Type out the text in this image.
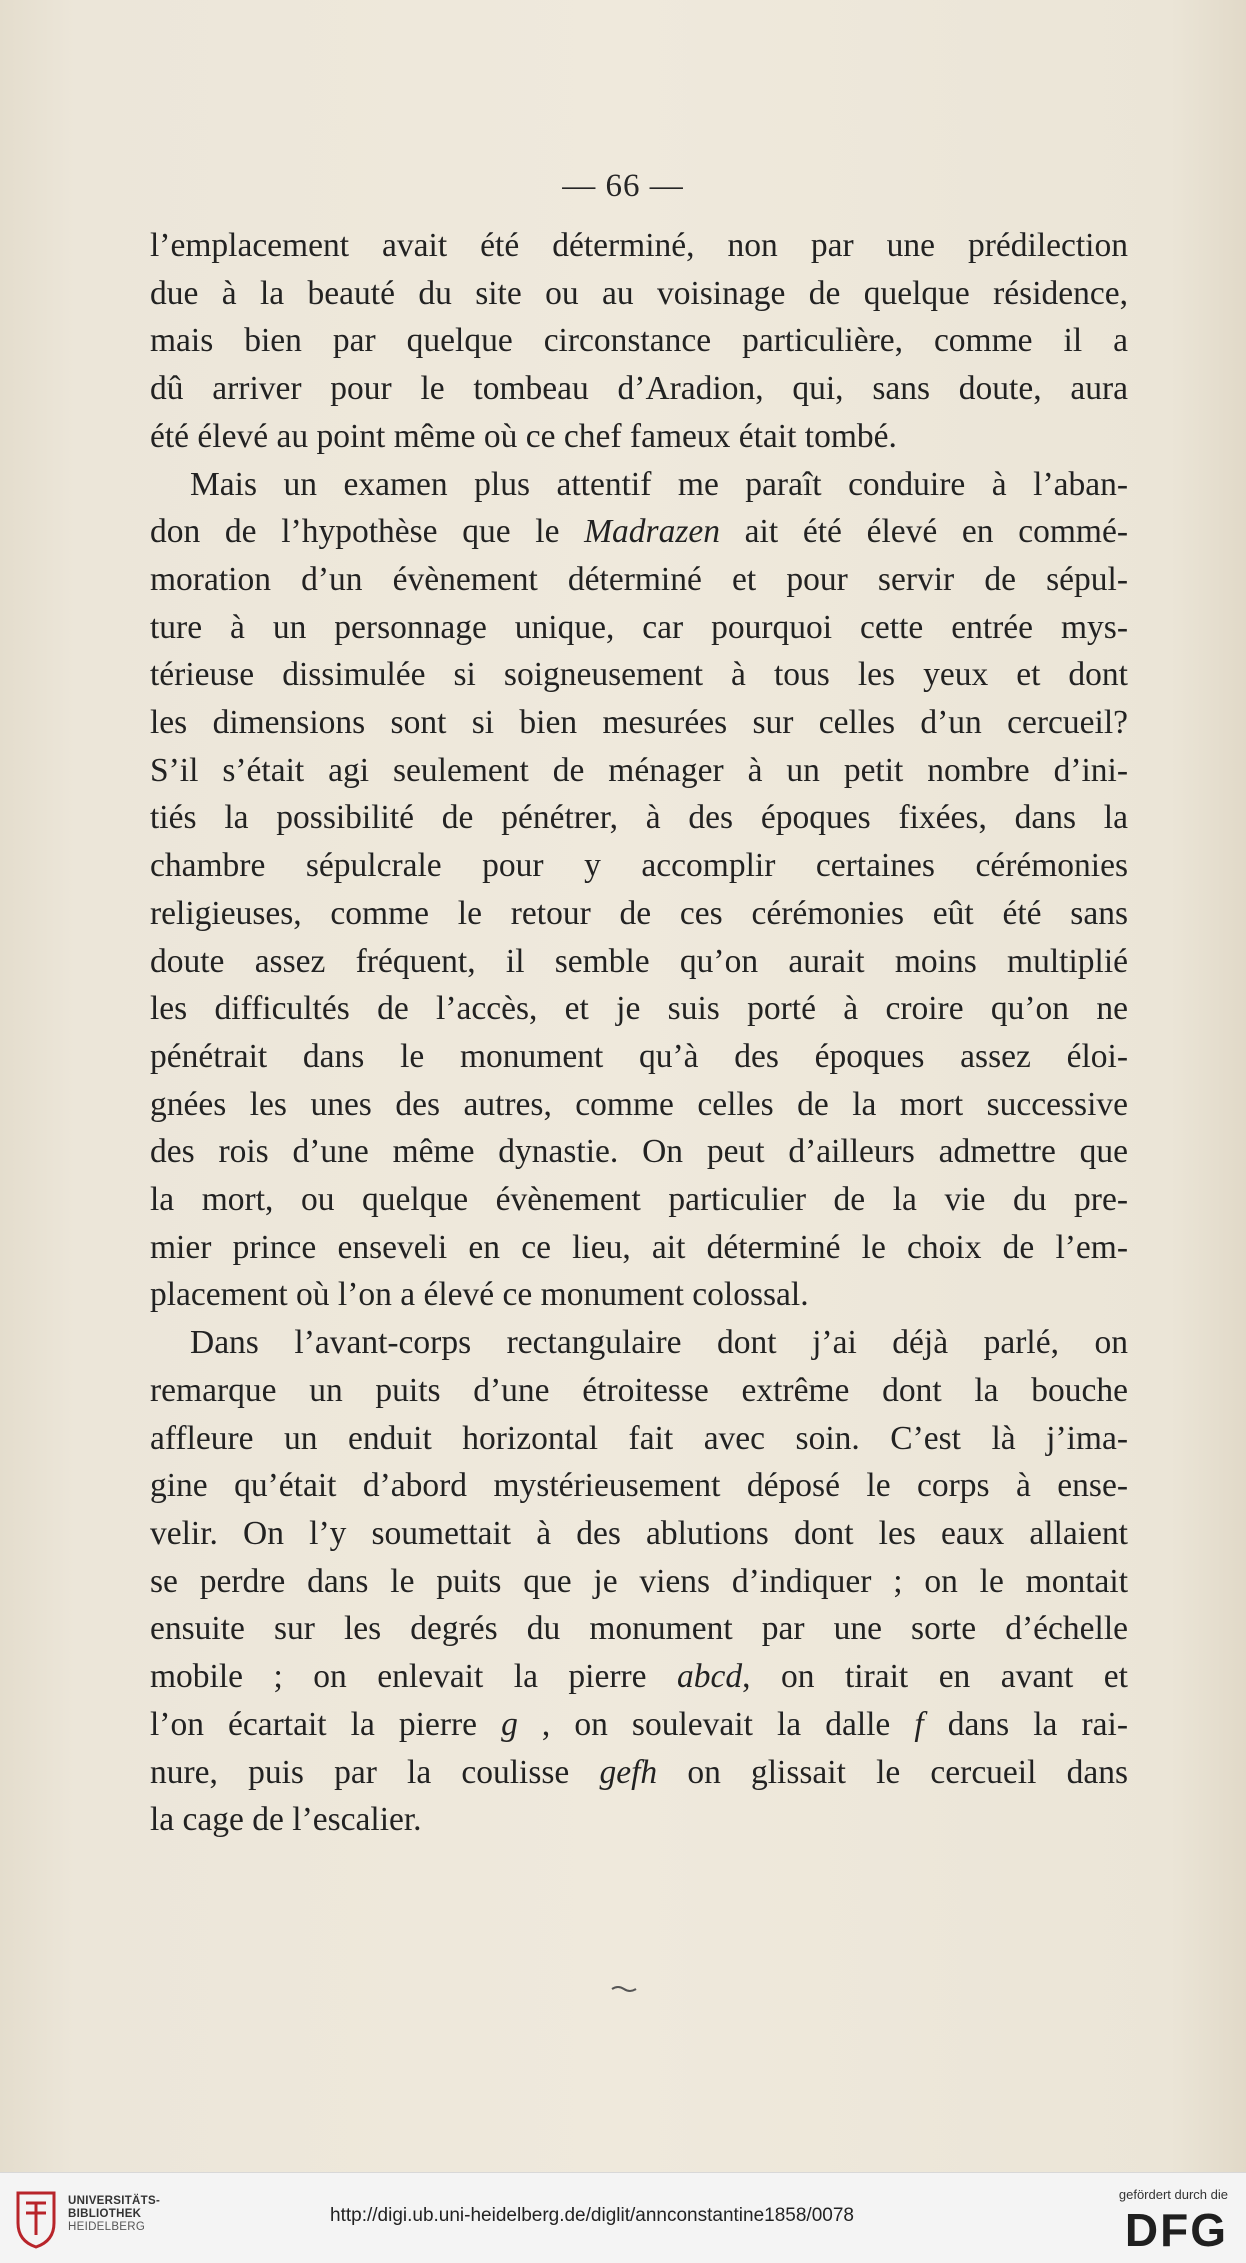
— 66 —
l’emplacement avait été déterminé, non par une prédilection
due à la beauté du site ou au voisinage de quelque résidence,
mais bien par quelque circonstance particulière, comme il a
dû arriver pour le tombeau d’Aradion, qui, sans doute, aura
été élevé au point même où ce chef fameux était tombé.
Mais un examen plus attentif me paraît conduire à l’aban-
don de l’hypothèse que le Madrazen ait été élevé en commé-
moration d’un évènement déterminé et pour servir de sépul-
ture à un personnage unique, car pourquoi cette entrée mys-
térieuse dissimulée si soigneusement à tous les yeux et dont
les dimensions sont si bien mesurées sur celles d’un cercueil?
S’il s’était agi seulement de ménager à un petit nombre d’ini-
tiés la possibilité de pénétrer, à des époques fixées, dans la
chambre sépulcrale pour y accomplir certaines cérémonies
religieuses, comme le retour de ces cérémonies eût été sans
doute assez fréquent, il semble qu’on aurait moins multiplié
les difficultés de l’accès, et je suis porté à croire qu’on ne
pénétrait dans le monument qu’à des époques assez éloi-
gnées les unes des autres, comme celles de la mort successive
des rois d’une même dynastie. On peut d’ailleurs admettre que
la mort, ou quelque évènement particulier de la vie du pre-
mier prince enseveli en ce lieu, ait déterminé le choix de l’em-
placement où l’on a élevé ce monument colossal.
Dans l’avant-corps rectangulaire dont j’ai déjà parlé, on
remarque un puits d’une étroitesse extrême dont la bouche
affleure un enduit horizontal fait avec soin. C’est là j’ima-
gine qu’était d’abord mystérieusement déposé le corps à ense-
velir. On l’y soumettait à des ablutions dont les eaux allaient
se perdre dans le puits que je viens d’indiquer ; on le montait
ensuite sur les degrés du monument par une sorte d’échelle
mobile ; on enlevait la pierre abcd, on tirait en avant et
l’on écartait la pierre g , on soulevait la dalle f dans la rai-
nure, puis par la coulisse gefh on glissait le cercueil dans
la cage de l’escalier.
UNIVERSITÄTS-
BIBLIOTHEK
HEIDELBERG
http://digi.ub.uni-heidelberg.de/diglit/annconstantine1858/0078
gefördert durch die
DFG
